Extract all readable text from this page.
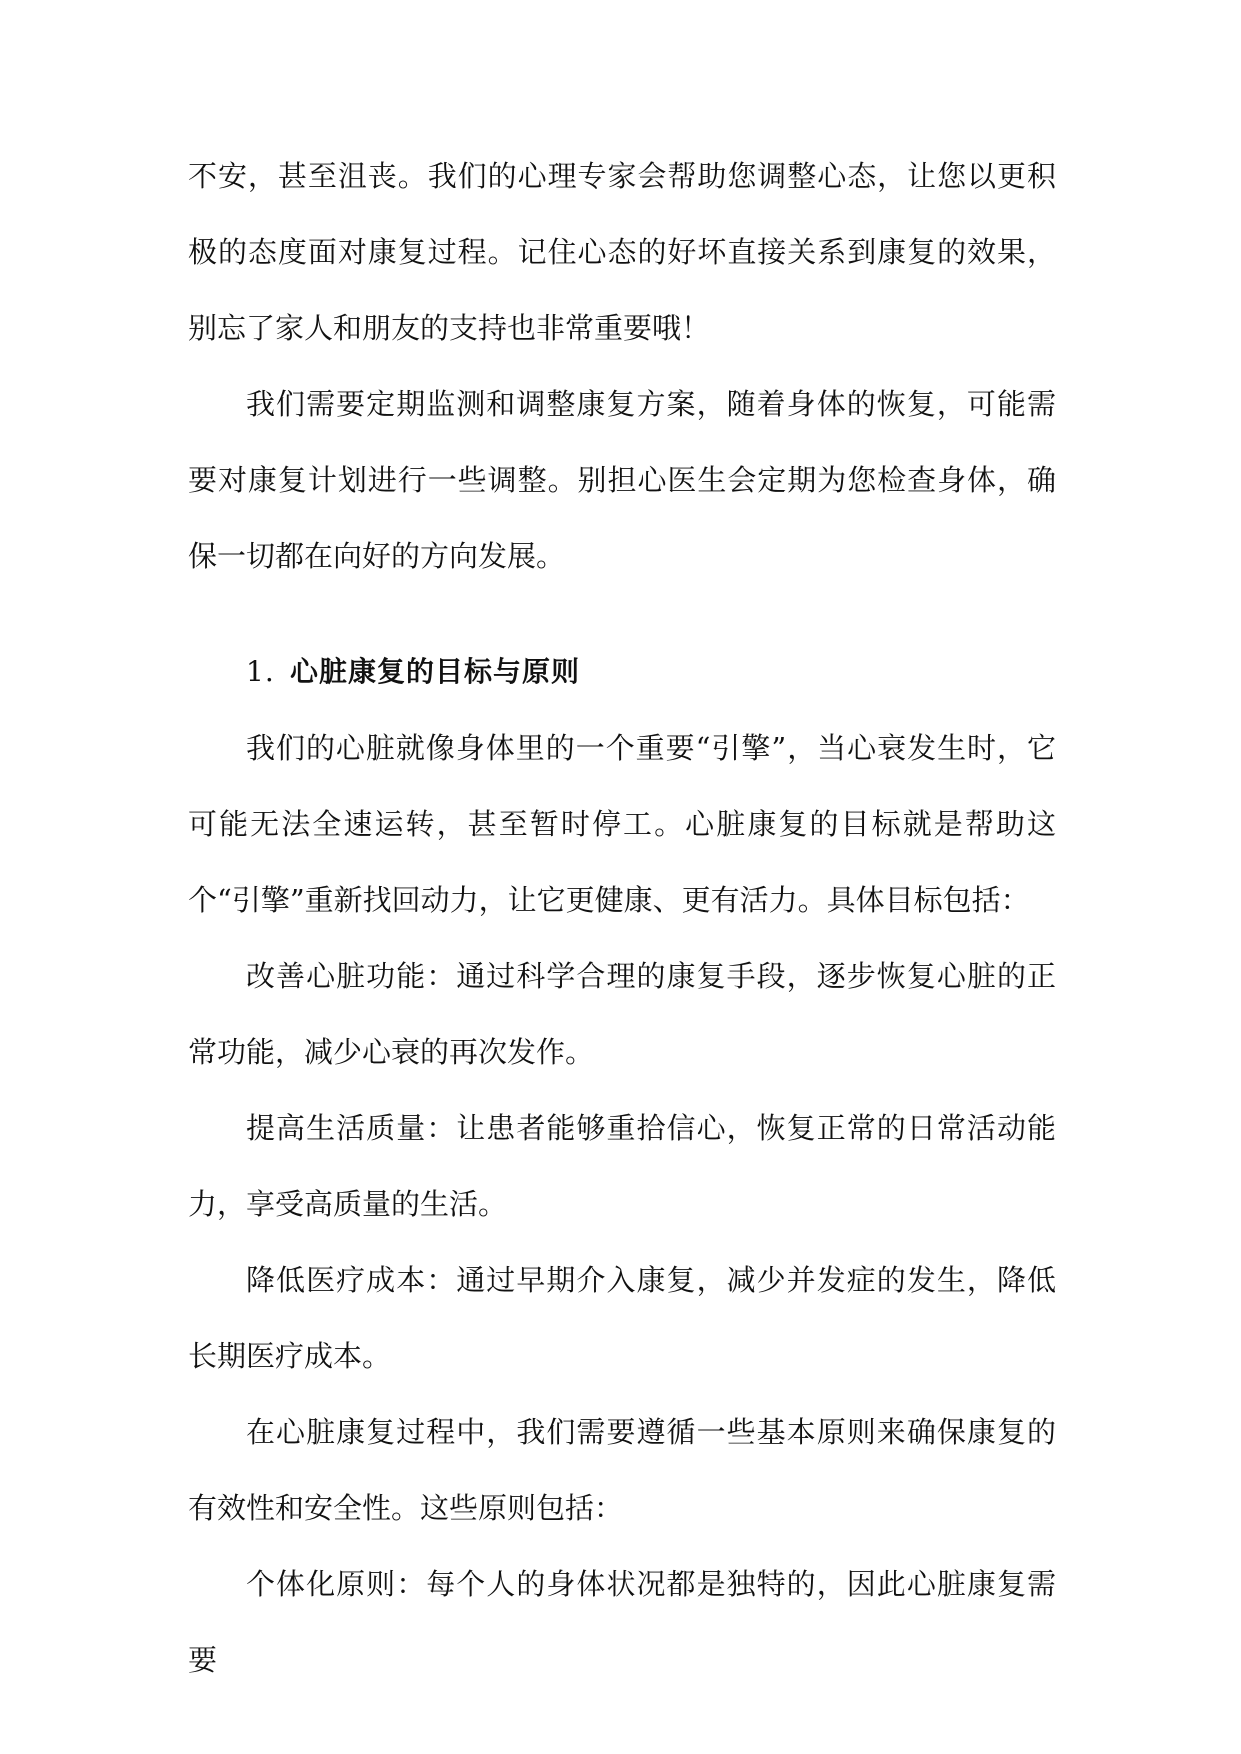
不安，甚至沮丧。我们的心理专家会帮助您调整心态，让您以更积极的态度面对康复过程。记住心态的好坏直接关系到康复的效果，别忘了家人和朋友的支持也非常重要哦！

我们需要定期监测和调整康复方案，随着身体的恢复，可能需要对康复计划进行一些调整。别担心医生会定期为您检查身体，确保一切都在向好的方向发展。

1. 心脏康复的目标与原则

我们的心脏就像身体里的一个重要“引擎”，当心衰发生时，它可能无法全速运转，甚至暂时停工。心脏康复的目标就是帮助这个“引擎”重新找回动力，让它更健康、更有活力。具体目标包括：

改善心脏功能：通过科学合理的康复手段，逐步恢复心脏的正常功能，减少心衰的再次发作。

提高生活质量：让患者能够重拾信心，恢复正常的日常活动能力，享受高质量的生活。

降低医疗成本：通过早期介入康复，减少并发症的发生，降低长期医疗成本。

在心脏康复过程中，我们需要遵循一些基本原则来确保康复的有效性和安全性。这些原则包括：

个体化原则：每个人的身体状况都是独特的，因此心脏康复需要
